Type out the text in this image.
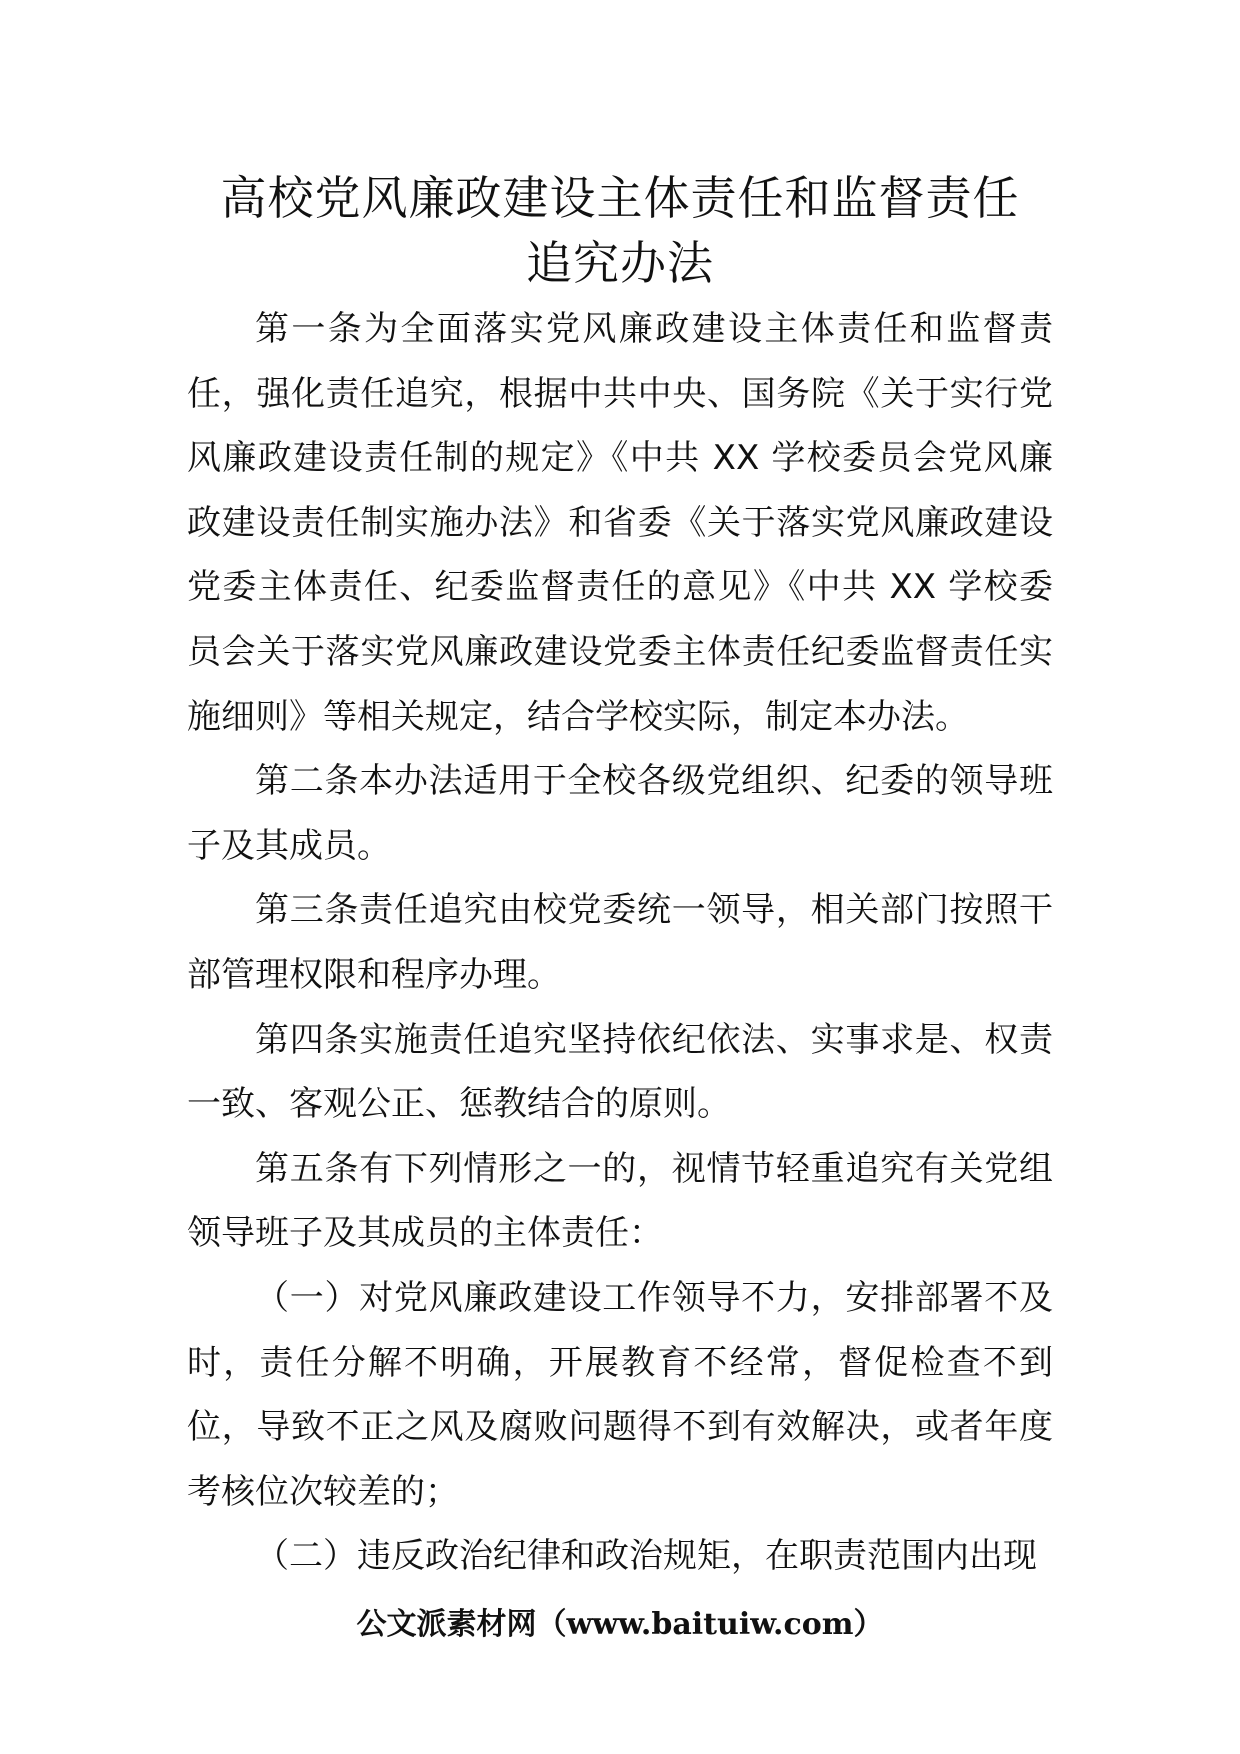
高校党风廉政建设主体责任和监督责任
追究办法

第一条为全面落实党风廉政建设主体责任和监督责任，强化责任追究，根据中共中央、国务院《关于实行党风廉政建设责任制的规定》《中共 XX 学校委员会党风廉政建设责任制实施办法》和省委《关于落实党风廉政建设党委主体责任、纪委监督责任的意见》《中共 XX 学校委员会关于落实党风廉政建设党委主体责任纪委监督责任实施细则》等相关规定，结合学校实际，制定本办法。

第二条本办法适用于全校各级党组织、纪委的领导班子及其成员。

第三条责任追究由校党委统一领导，相关部门按照干部管理权限和程序办理。

第四条实施责任追究坚持依纪依法、实事求是、权责一致、客观公正、惩教结合的原则。

第五条有下列情形之一的，视情节轻重追究有关党组领导班子及其成员的主体责任：

（一）对党风廉政建设工作领导不力，安排部署不及时，责任分解不明确，开展教育不经常，督促检查不到位，导致不正之风及腐败问题得不到有效解决，或者年度考核位次较差的；

（二）违反政治纪律和政治规矩，在职责范围内出现

公文派素材网（www.baituiw.com）
